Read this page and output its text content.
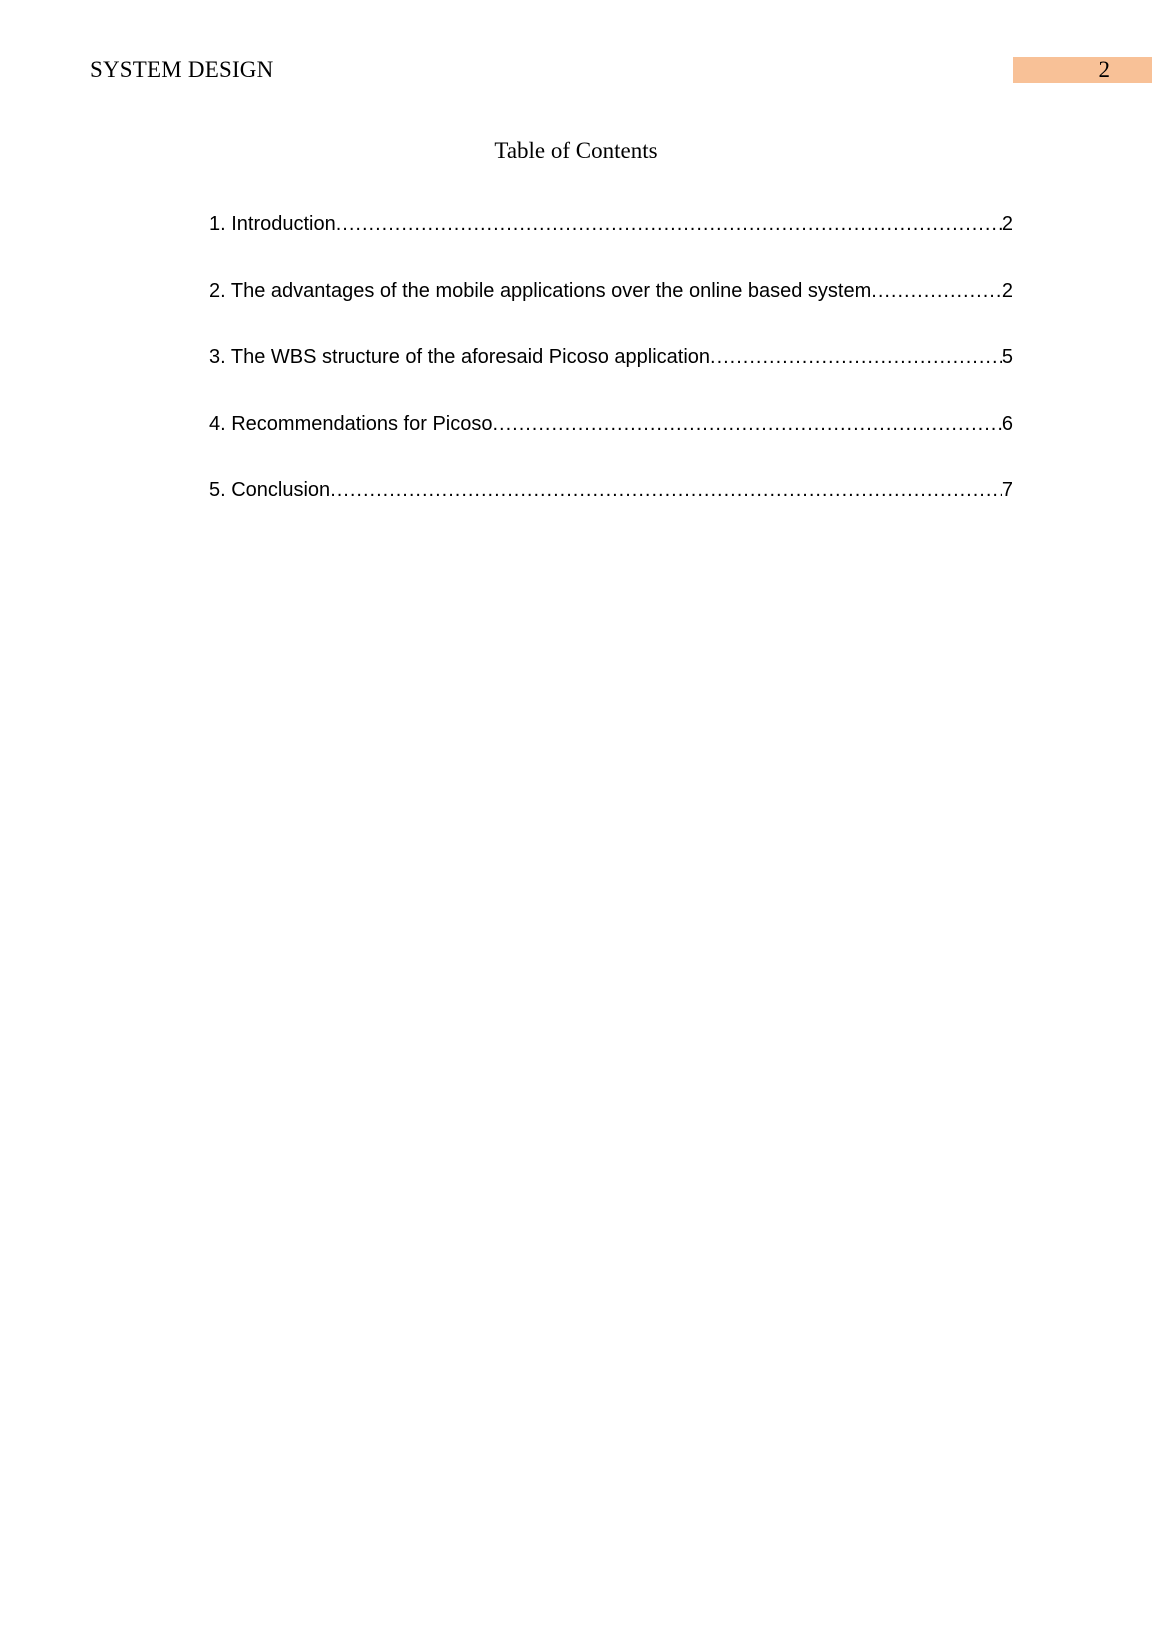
SYSTEM DESIGN	2
Table of Contents
1. Introduction .....	2
2. The advantages of the mobile applications over the online based system .....	2
3. The WBS structure of the aforesaid Picoso application .....	5
4. Recommendations for Picoso .....	6
5. Conclusion .....	7
